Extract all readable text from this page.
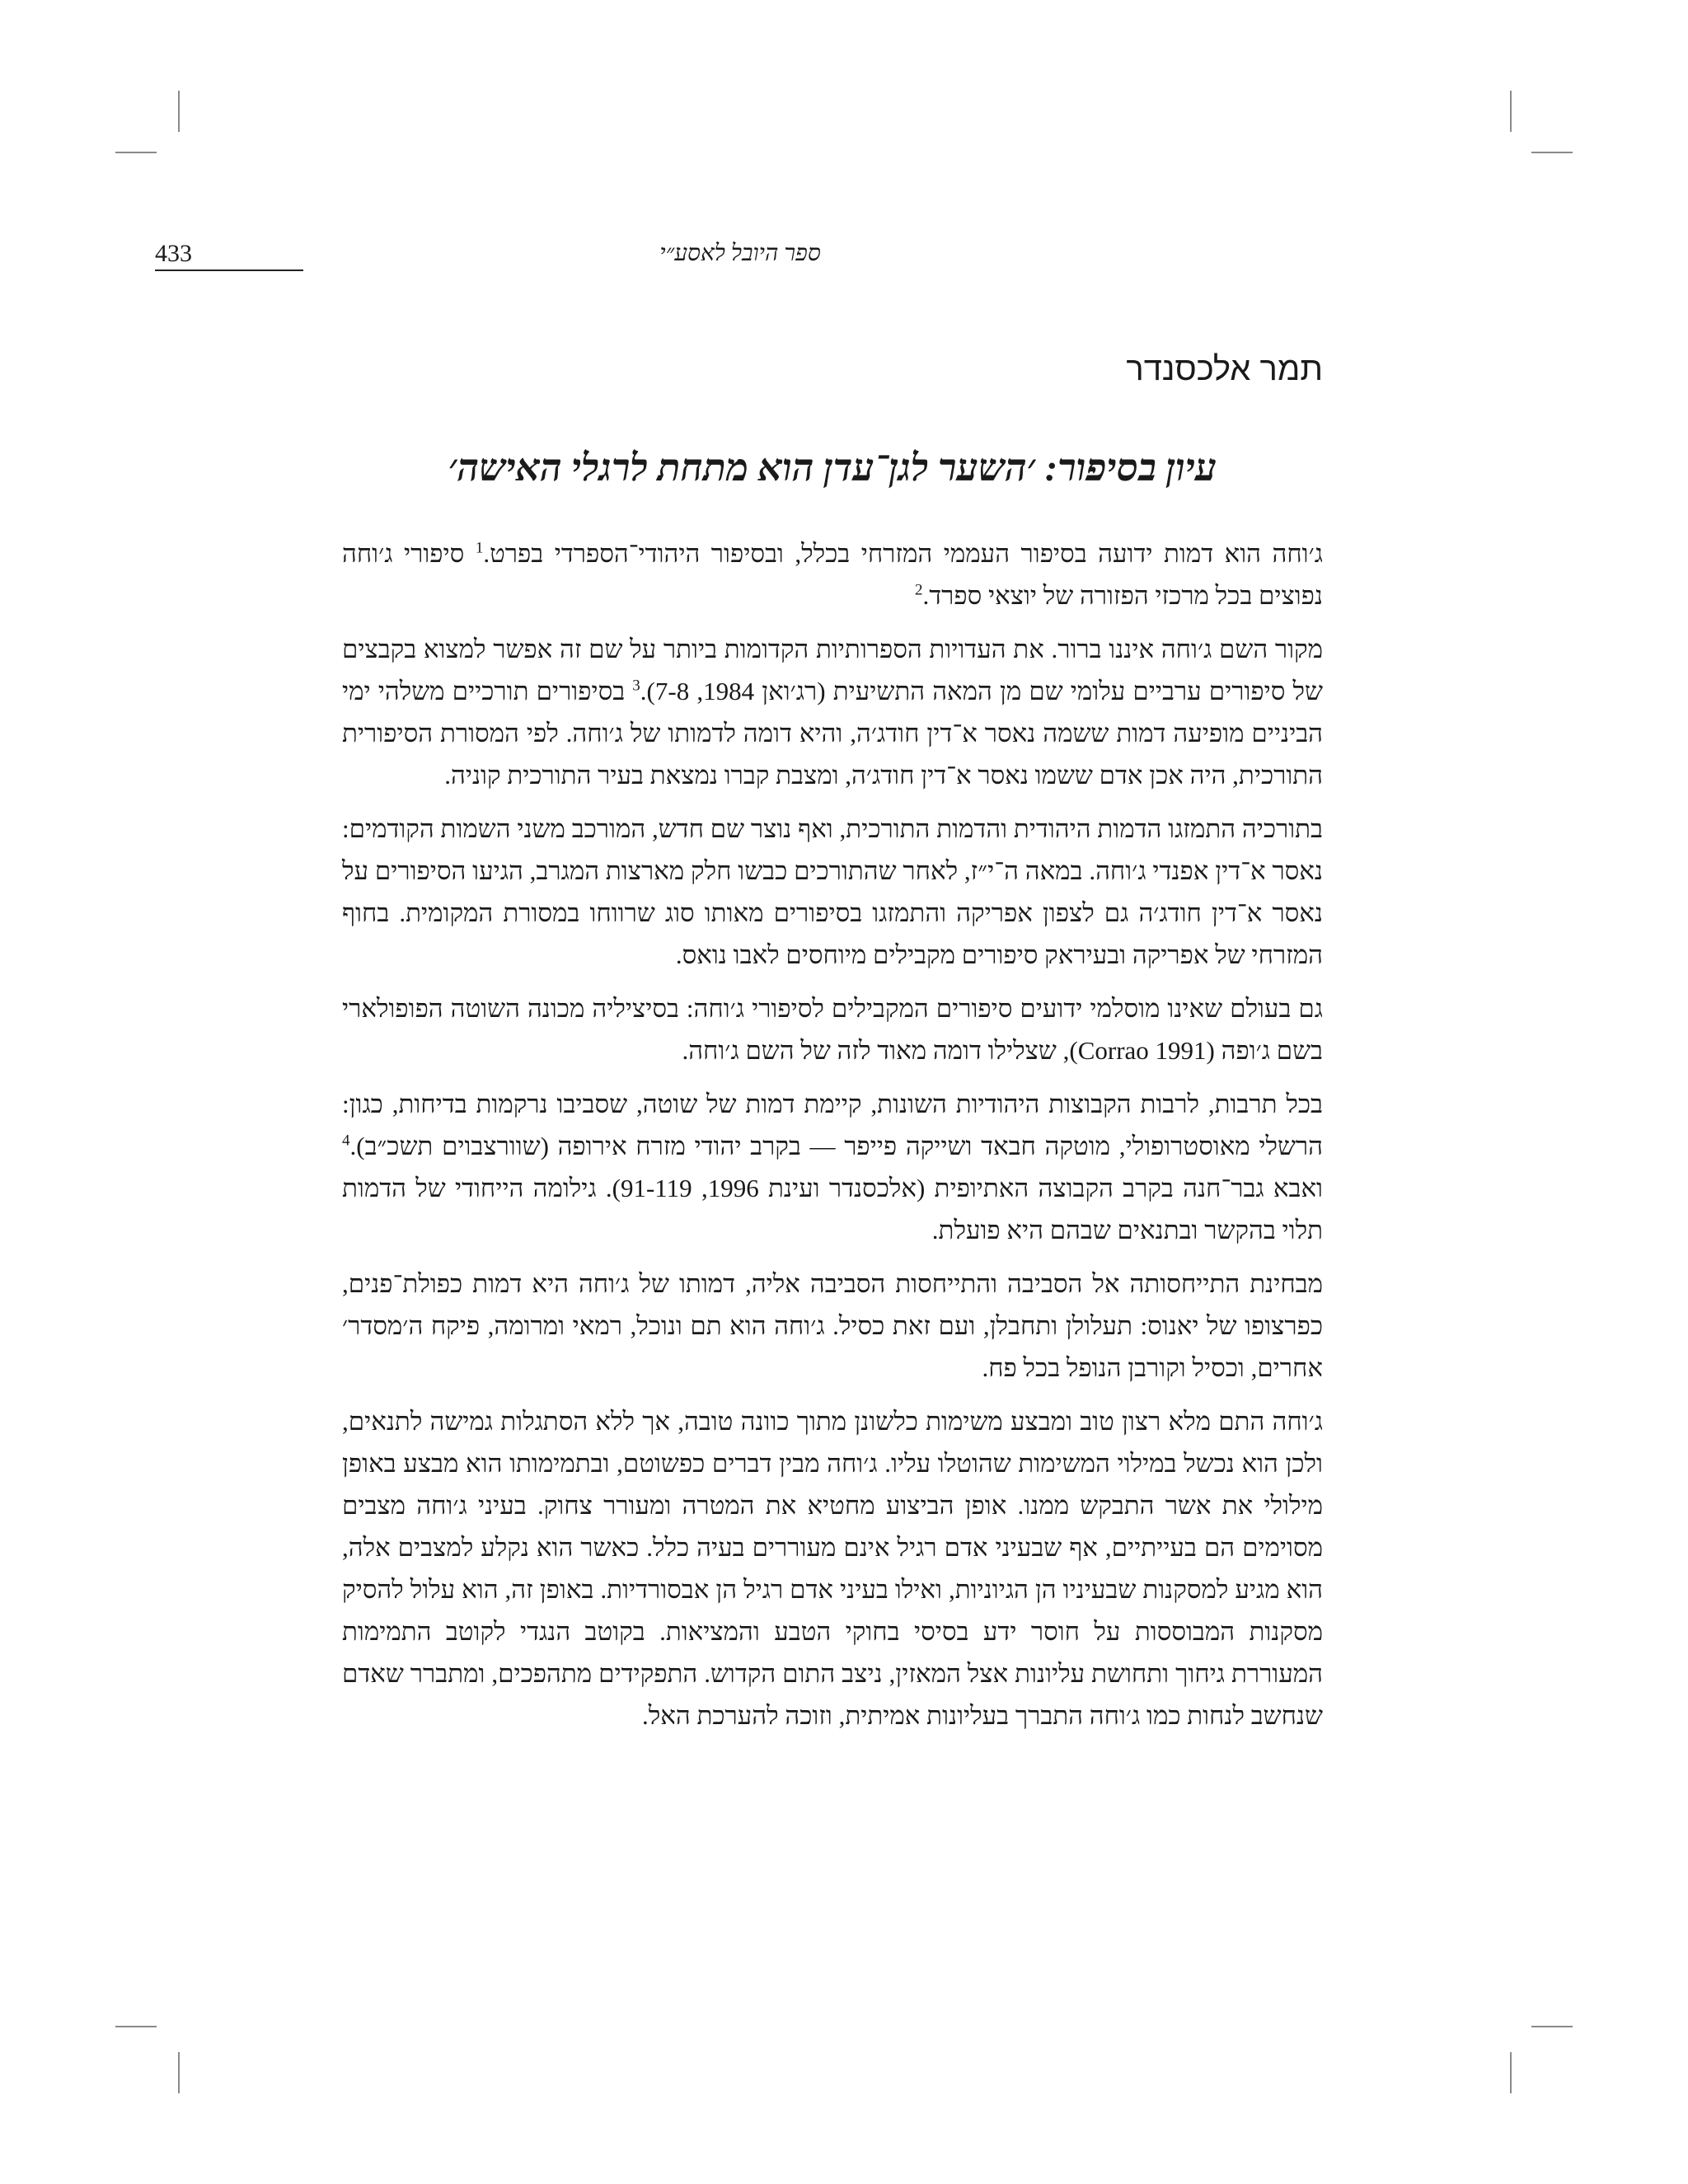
433	ספר היובל לאסע״י
תמר אלכסנדר
עיון בסיפור: ׳השער לגן־עדן הוא מתחת לרגלי האישה׳

ג׳וחה הוא דמות ידועה בסיפור העממי המזרחי בכלל, ובסיפור היהודי־הספרדי בפרט.$^1$ סיפורי ג׳וחה נפוצים בכל מרכזי הפזורה של יוצאי ספרד.$^2$

מקור השם ג׳וחה איננו ברור. את העדויות הספרותיות הקדומות ביותר על שם זה אפשר למצוא בקבצים של סיפורים ערביים עלומי שם מן המאה התשיעית (רג׳ואן 1984, 7-8).$^3$ בסיפורים תורכיים משלהי ימי הביניים מופיעה דמות ששמה נאסר א־דין חודג׳ה, והיא דומה לדמותו של ג׳וחה. לפי המסורת הסיפורית התורכית, היה אכן אדם ששמו נאסר א־דין חודג׳ה, ומצבת קברו נמצאת בעיר התורכית קוניה.

בתורכיה התמזגו הדמות היהודית והדמות התורכית, ואף נוצר שם חדש, המורכב משני השמות הקודמים: נאסר א־דין אפנדי ג׳וחה. במאה ה־י״ז, לאחר שהתורכים כבשו חלק מארצות המגרב, הגיעו הסיפורים על נאסר א־דין חודג׳ה גם לצפון אפריקה והתמזגו בסיפורים מאותו סוג שרווחו במסורת המקומית. בחוף המזרחי של אפריקה ובעיראק סיפורים מקבילים מיוחסים לאבו נואס.

גם בעולם שאינו מוסלמי ידועים סיפורים המקבילים לסיפורי ג׳וחה: בסיציליה מכונה השוטה הפופולארי בשם ג׳ופה (Corrao 1991), שצלילו דומה מאוד לזה של השם ג׳וחה.

בכל תרבות, לרבות הקבוצות היהודיות השונות, קיימת דמות של שוטה, שסביבו נרקמות בדיחות, כגון: הרשלי מאוסטרופולי, מוטקה חבאד ושייקה פייפר — בקרב יהודי מזרח אירופה (שוורצבוים תשכ״ב).$^4$ ואבא גבר־חנה בקרב הקבוצה האתיופית (אלכסנדר ועינת 1996, 91-119). גילומה הייחודי של הדמות תלוי בהקשר ובתנאים שבהם היא פועלת.

מבחינת התייחסותה אל הסביבה והתייחסות הסביבה אליה, דמותו של ג׳וחה היא דמות כפולת־פנים, כפרצופו של יאנוס: תעלולן ותחבלן, ועם זאת כסיל. ג׳וחה הוא תם ונוכל, רמאי ומרומה, פיקח ה׳מסדר׳ אחרים, וכסיל וקורבן הנופל בכל פח.

ג׳וחה התם מלא רצון טוב ומבצע משימות כלשונן מתוך כוונה טובה, אך ללא הסתגלות גמישה לתנאים, ולכן הוא נכשל במילוי המשימות שהוטלו עליו. ג׳וחה מבין דברים כפשוטם, ובתמימותו הוא מבצע באופן מילולי את אשר התבקש ממנו. אופן הביצוע מחטיא את המטרה ומעורר צחוק. בעיני ג׳וחה מצבים מסוימים הם בעייתיים, אף שבעיני אדם רגיל אינם מעוררים בעיה כלל. כאשר הוא נקלע למצבים אלה, הוא מגיע למסקנות שבעיניו הן הגיוניות, ואילו בעיני אדם רגיל הן אבסורדיות. באופן זה, הוא עלול להסיק מסקנות המבוססות על חוסר ידע בסיסי בחוקי הטבע והמציאות. בקוטב הנגדי לקוטב התמימות המעוררת גיחוך ותחושת עליונות אצל המאזין, ניצב התום הקדוש. התפקידים מתהפכים, ומתברר שאדם שנחשב לנחות כמו ג׳וחה התברך בעליונות אמיתית, וזוכה להערכת האל.
